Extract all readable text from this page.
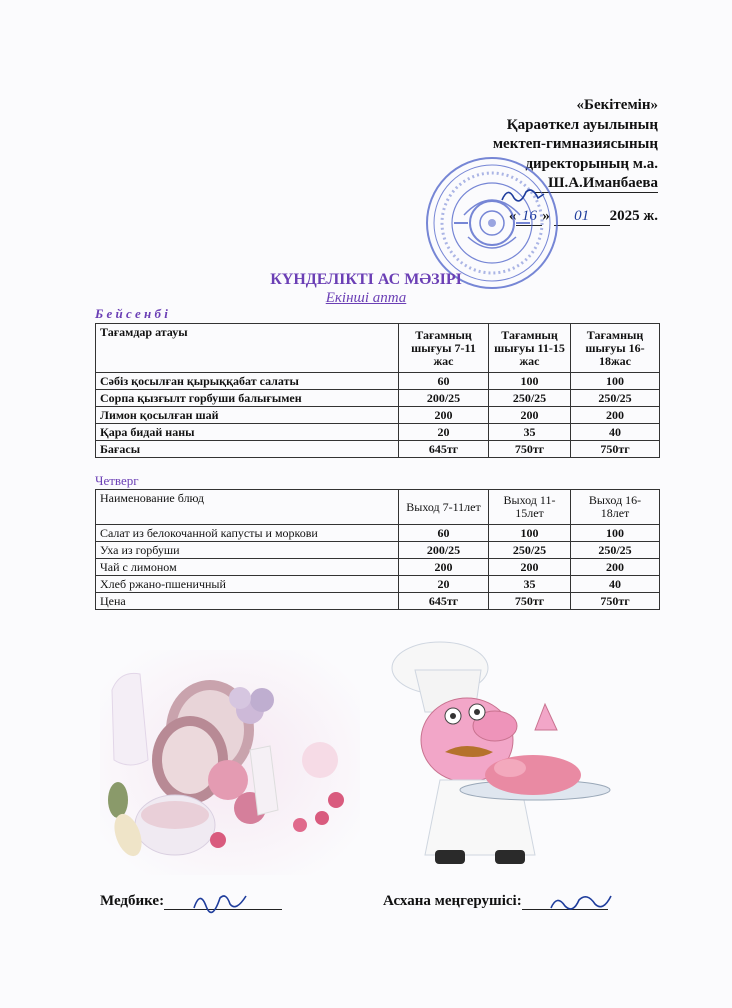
«Бекітемін»
Қараөткел ауылының
мектеп-гимназиясының
директорының м.а.
Ш.А.Иманбаева
« 16 » 01 2025 ж.
КҮНДЕЛІКТІ АС МӘЗІРІ
Екінші апта
Б е й с е н б і
Тағамдар атауы	Тағамның шығуы 7-11 жас	Тағамның шығуы 11-15 жас	Тағамның шығуы 16-18жас
Сәбіз қосылған қырыққабат салаты	60	100	100
Сорпа қызғылт горбуши балығымен	200/25	250/25	250/25
Лимон қосылған шай	200	200	200
Қара бидай наны	20	35	40
Бағасы	645тг	750тг	750тг
Четверг
Наименование блюд	Выход 7-11лет	Выход 11-15лет	Выход 16-18лет
Салат из белокочанной капусты и моркови	60	100	100
Уха из горбуши	200/25	250/25	250/25
Чай с лимоном	200	200	200
Хлеб ржано-пшеничный	20	35	40
Цена	645тг	750тг	750тг
Медбике:	Асхана меңгерушісі:
